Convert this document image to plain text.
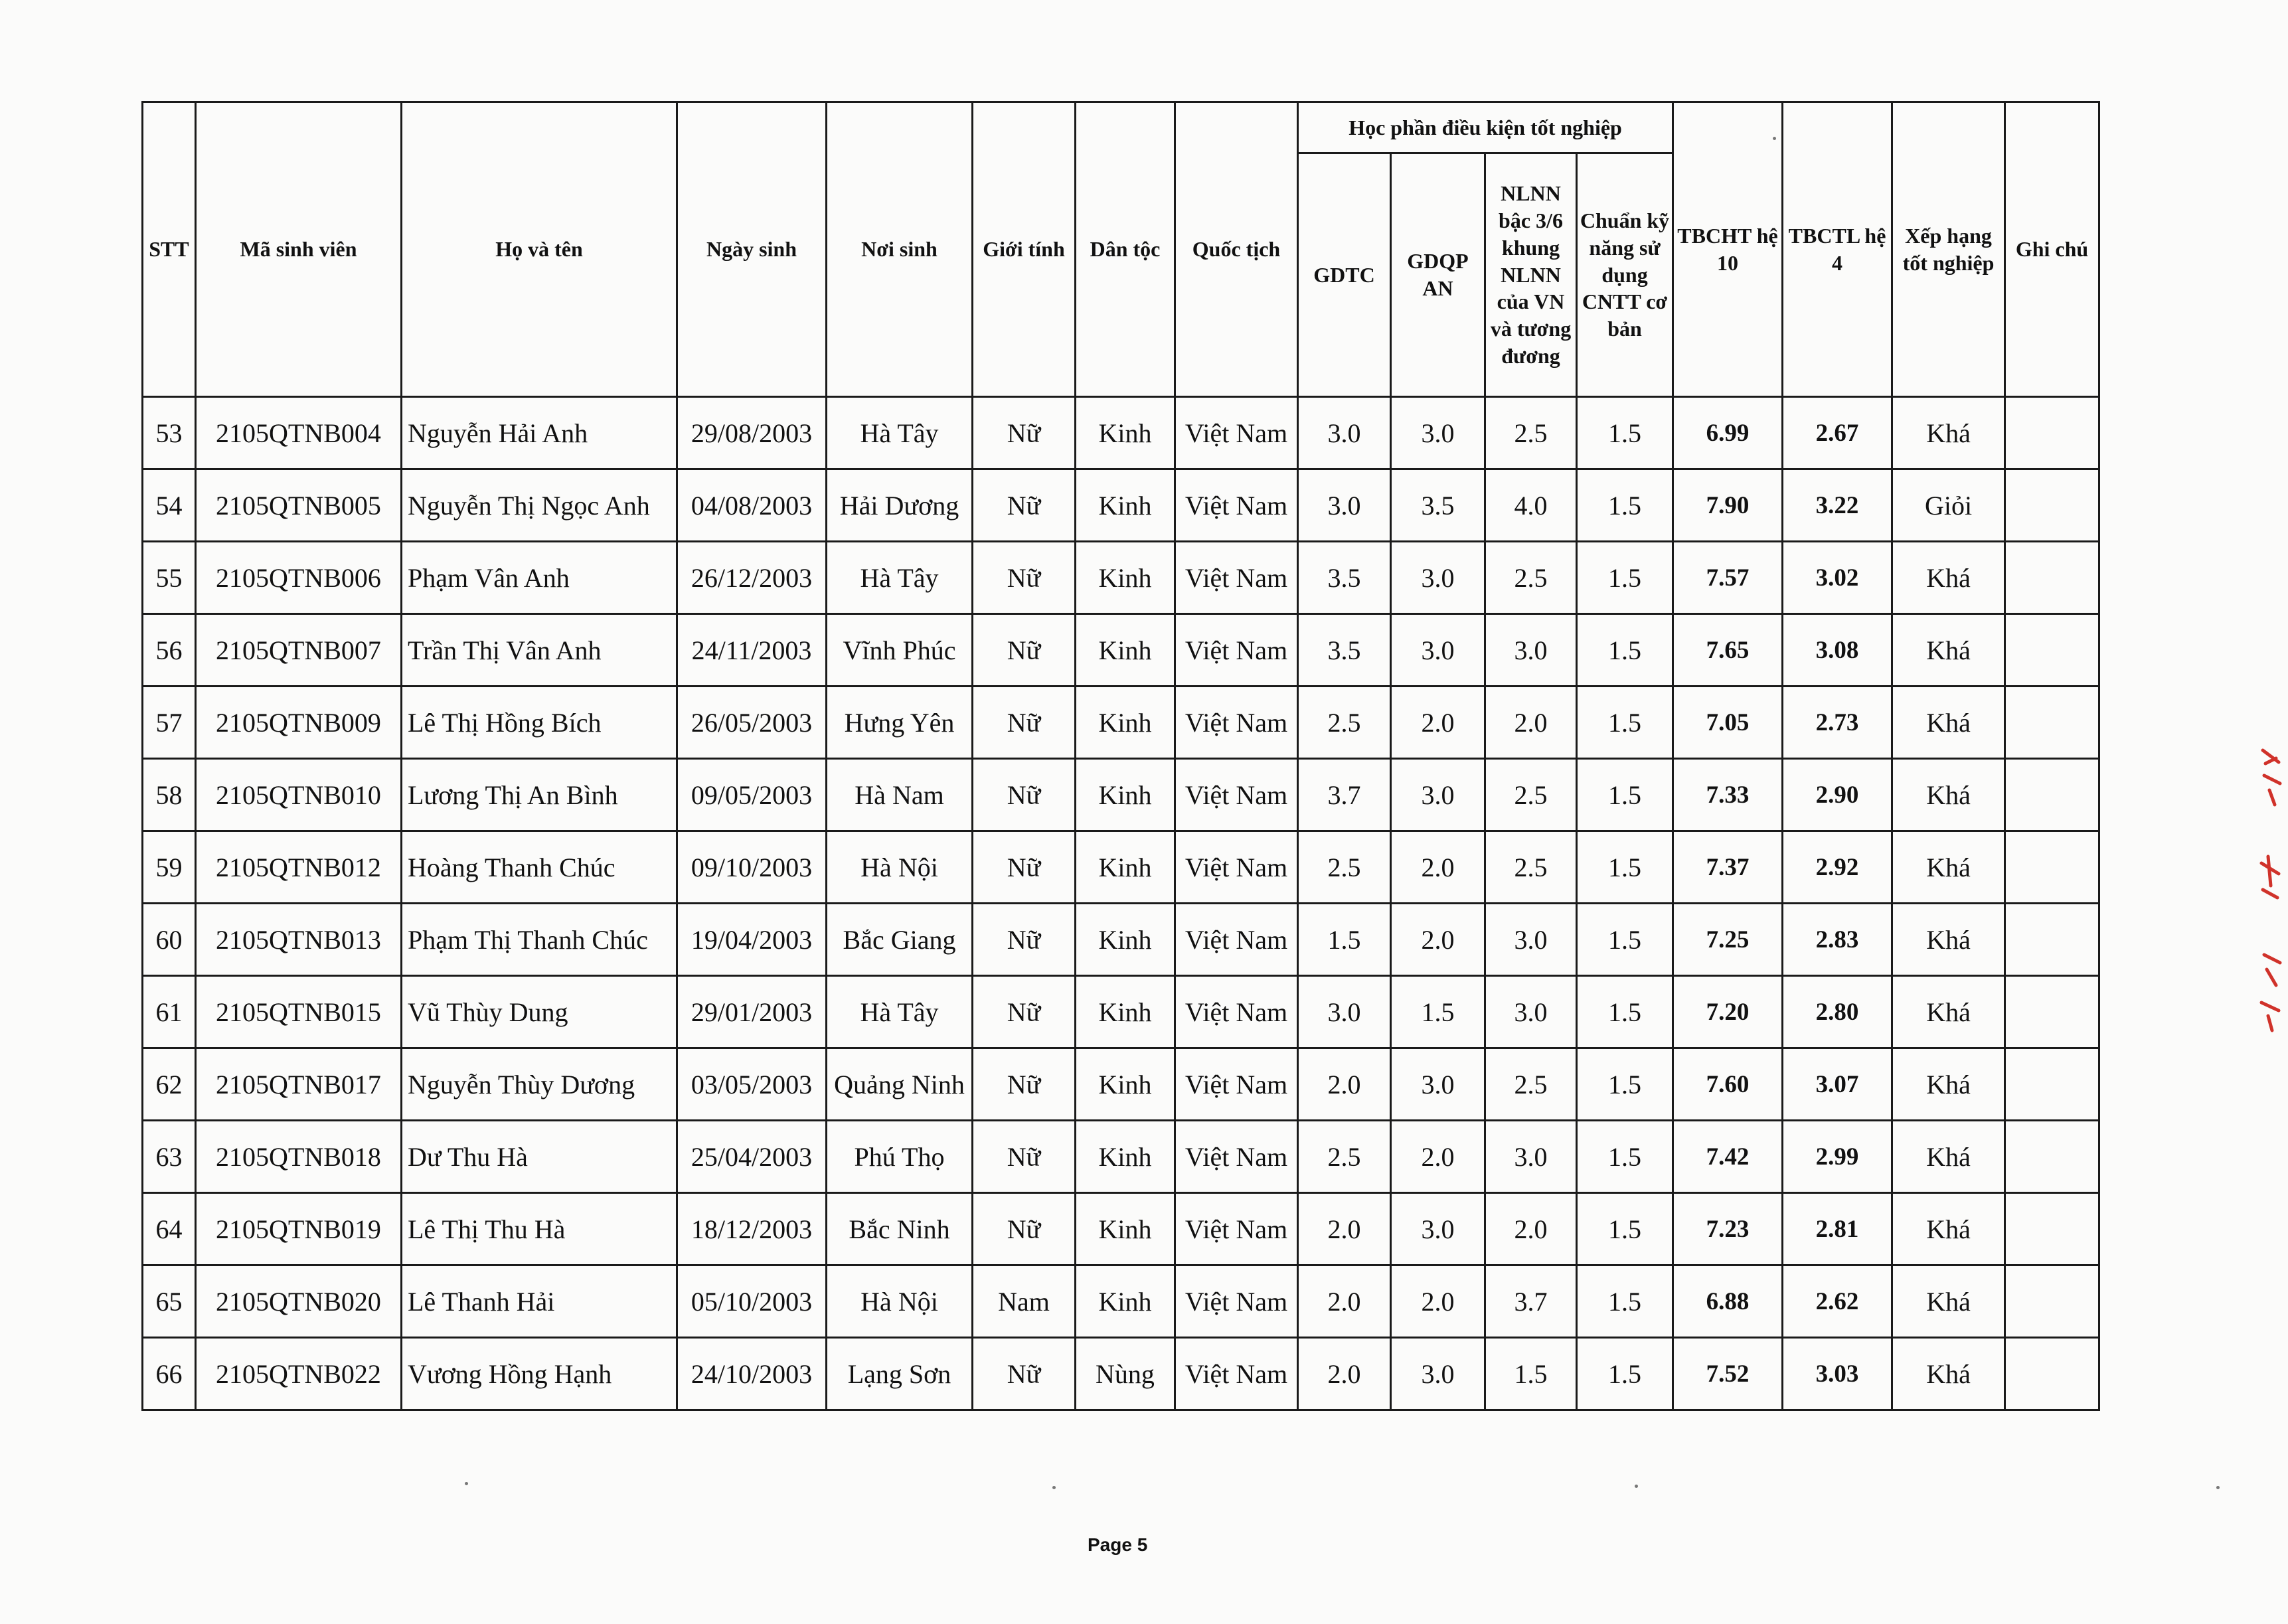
STT	Mã sinh viên	Họ và tên	Ngày sinh	Nơi sinh	Giới tính	Dân tộc	Quốc tịch	Học phần điều kiện tốt nghiệp				TBCHT hệ 10	TBCTL hệ 4	Xếp hạng tốt nghiệp	Ghi chú
								GDTC	GDQP AN	NLNN bậc 3/6 khung NLNN của VN và tương đương	Chuẩn kỹ năng sử dụng CNTT cơ bản				
53	2105QTNB004	Nguyễn Hải Anh	29/08/2003	Hà Tây	Nữ	Kinh	Việt Nam	3.0	3.0	2.5	1.5	6.99	2.67	Khá	
54	2105QTNB005	Nguyễn Thị Ngọc Anh	04/08/2003	Hải Dương	Nữ	Kinh	Việt Nam	3.0	3.5	4.0	1.5	7.90	3.22	Giỏi	
55	2105QTNB006	Phạm Vân Anh	26/12/2003	Hà Tây	Nữ	Kinh	Việt Nam	3.5	3.0	2.5	1.5	7.57	3.02	Khá	
56	2105QTNB007	Trần Thị Vân Anh	24/11/2003	Vĩnh Phúc	Nữ	Kinh	Việt Nam	3.5	3.0	3.0	1.5	7.65	3.08	Khá	
57	2105QTNB009	Lê Thị Hồng Bích	26/05/2003	Hưng Yên	Nữ	Kinh	Việt Nam	2.5	2.0	2.0	1.5	7.05	2.73	Khá	
58	2105QTNB010	Lương Thị An Bình	09/05/2003	Hà Nam	Nữ	Kinh	Việt Nam	3.7	3.0	2.5	1.5	7.33	2.90	Khá	
59	2105QTNB012	Hoàng Thanh Chúc	09/10/2003	Hà Nội	Nữ	Kinh	Việt Nam	2.5	2.0	2.5	1.5	7.37	2.92	Khá	
60	2105QTNB013	Phạm Thị Thanh Chúc	19/04/2003	Bắc Giang	Nữ	Kinh	Việt Nam	1.5	2.0	3.0	1.5	7.25	2.83	Khá	
61	2105QTNB015	Vũ Thùy Dung	29/01/2003	Hà Tây	Nữ	Kinh	Việt Nam	3.0	1.5	3.0	1.5	7.20	2.80	Khá	
62	2105QTNB017	Nguyễn Thùy Dương	03/05/2003	Quảng Ninh	Nữ	Kinh	Việt Nam	2.0	3.0	2.5	1.5	7.60	3.07	Khá	
63	2105QTNB018	Dư Thu Hà	25/04/2003	Phú Thọ	Nữ	Kinh	Việt Nam	2.5	2.0	3.0	1.5	7.42	2.99	Khá	
64	2105QTNB019	Lê Thị Thu Hà	18/12/2003	Bắc Ninh	Nữ	Kinh	Việt Nam	2.0	3.0	2.0	1.5	7.23	2.81	Khá	
65	2105QTNB020	Lê Thanh Hải	05/10/2003	Hà Nội	Nam	Kinh	Việt Nam	2.0	2.0	3.7	1.5	6.88	2.62	Khá	
66	2105QTNB022	Vương Hồng Hạnh	24/10/2003	Lạng Sơn	Nữ	Nùng	Việt Nam	2.0	3.0	1.5	1.5	7.52	3.03	Khá	
Page 5
